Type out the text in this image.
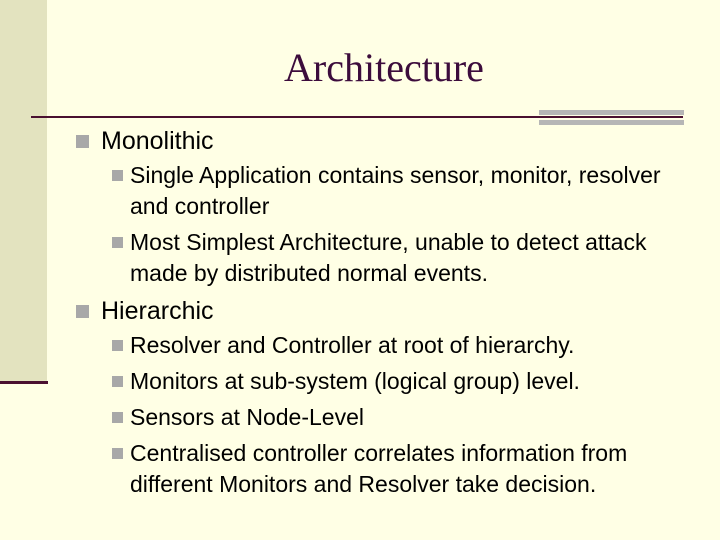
Architecture
Monolithic
Single Application contains sensor, monitor, resolver and controller
Most Simplest Architecture, unable to detect attack made by distributed normal events.
Hierarchic
Resolver and Controller at root of hierarchy.
Monitors at sub-system (logical group) level.
Sensors at Node-Level
Centralised controller correlates information from different Monitors and Resolver take decision.
